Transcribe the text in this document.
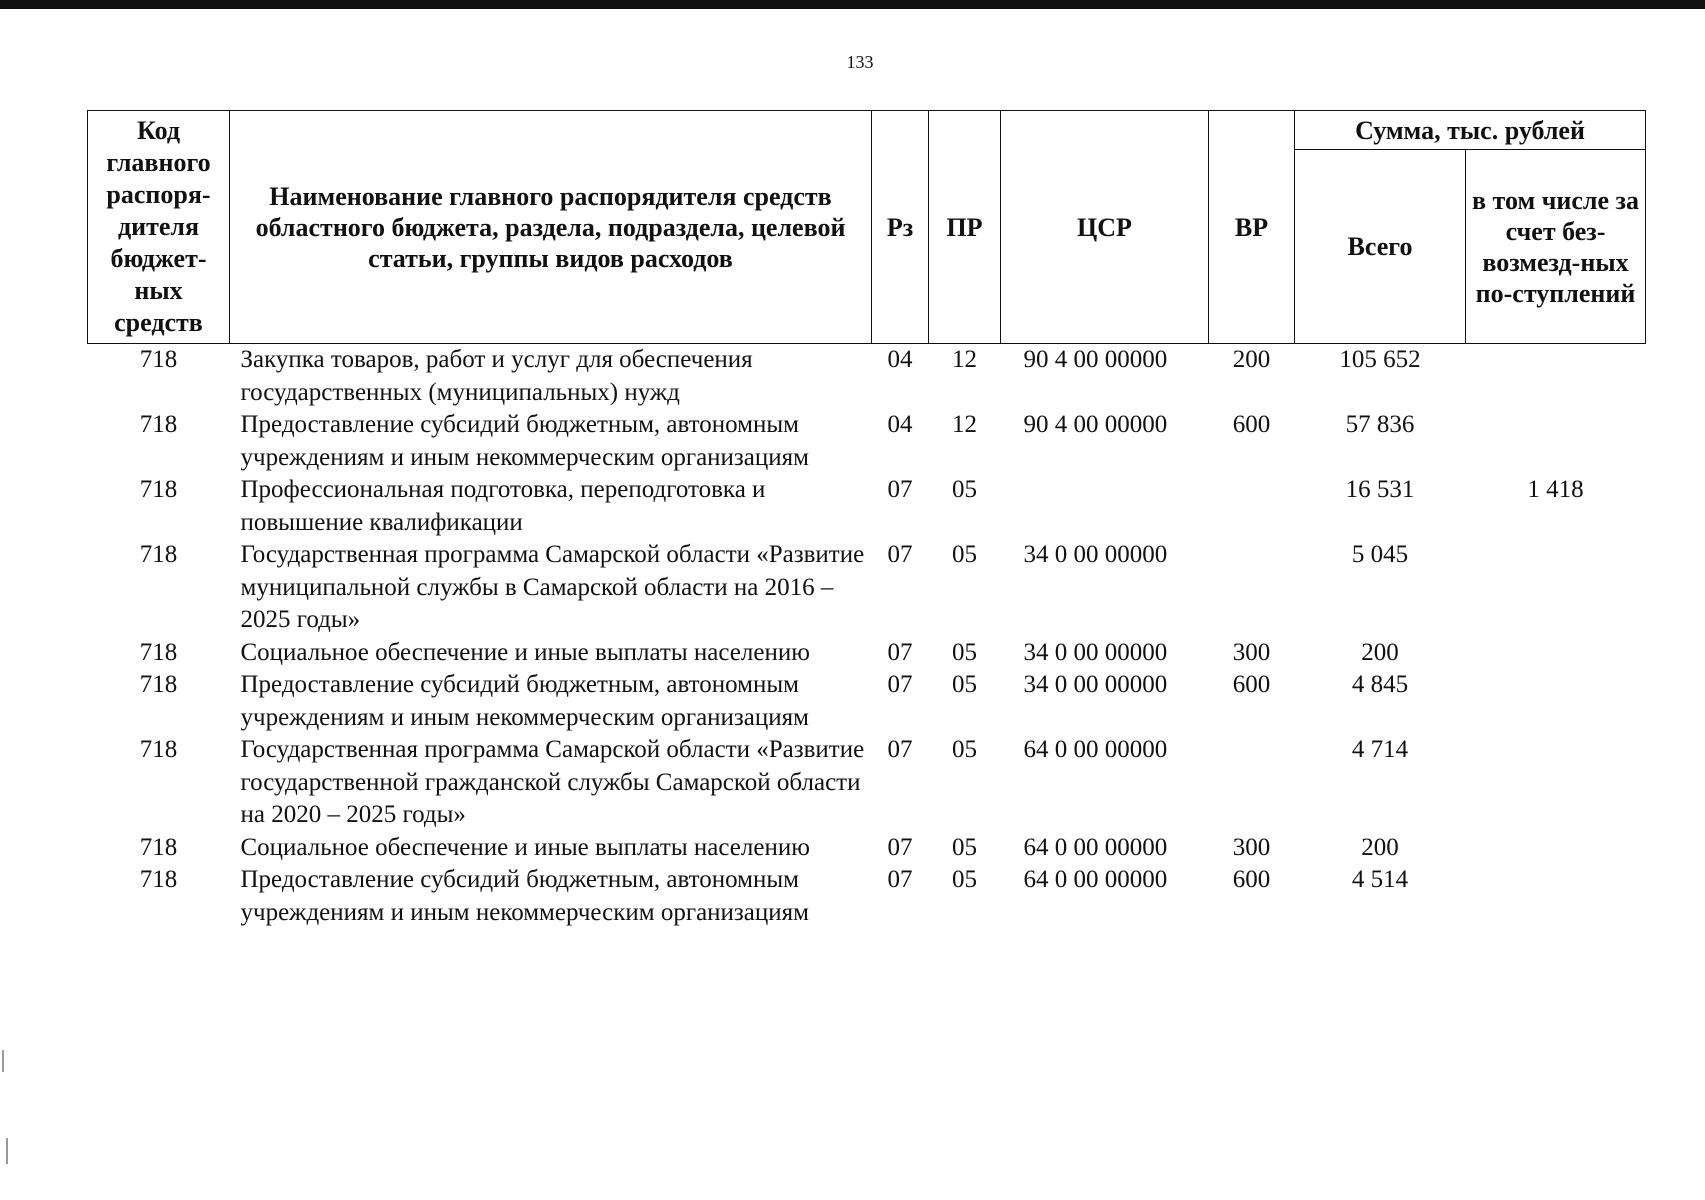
133
Код главного распоря-дителя бюджет-ных средств	Наименование главного распорядителя средств областного бюджета, раздела, подраздела, целевой статьи, группы видов расходов	Рз	ПР	ЦСР	ВР	Сумма, тыс. рублей	
						Всего	в том числе за счет без-возмезд-ных по-ступлений
718	Закупка товаров, работ и услуг для обеспечения государственных (муниципальных) нужд	04	12	90 4 00 00000	200	105 652	
718	Предоставление субсидий бюджетным, автономным учреждениям и иным некоммерческим организациям	04	12	90 4 00 00000	600	57 836	
718	Профессиональная подготовка, переподготовка и повышение квалификации	07	05			16 531	1 418
718	Государственная программа Самарской области «Развитие муниципальной службы в Самарской области на 2016 – 2025 годы»	07	05	34 0 00 00000		5 045	
718	Социальное обеспечение и иные выплаты населению	07	05	34 0 00 00000	300	200	
718	Предоставление субсидий бюджетным, автономным учреждениям и иным некоммерческим организациям	07	05	34 0 00 00000	600	4 845	
718	Государственная программа Самарской области «Развитие государственной гражданской службы Самарской области на 2020 – 2025 годы»	07	05	64 0 00 00000		4 714	
718	Социальное обеспечение и иные выплаты населению	07	05	64 0 00 00000	300	200	
718	Предоставление субсидий бюджетным, автономным учреждениям и иным некоммерческим организациям	07	05	64 0 00 00000	600	4 514	
